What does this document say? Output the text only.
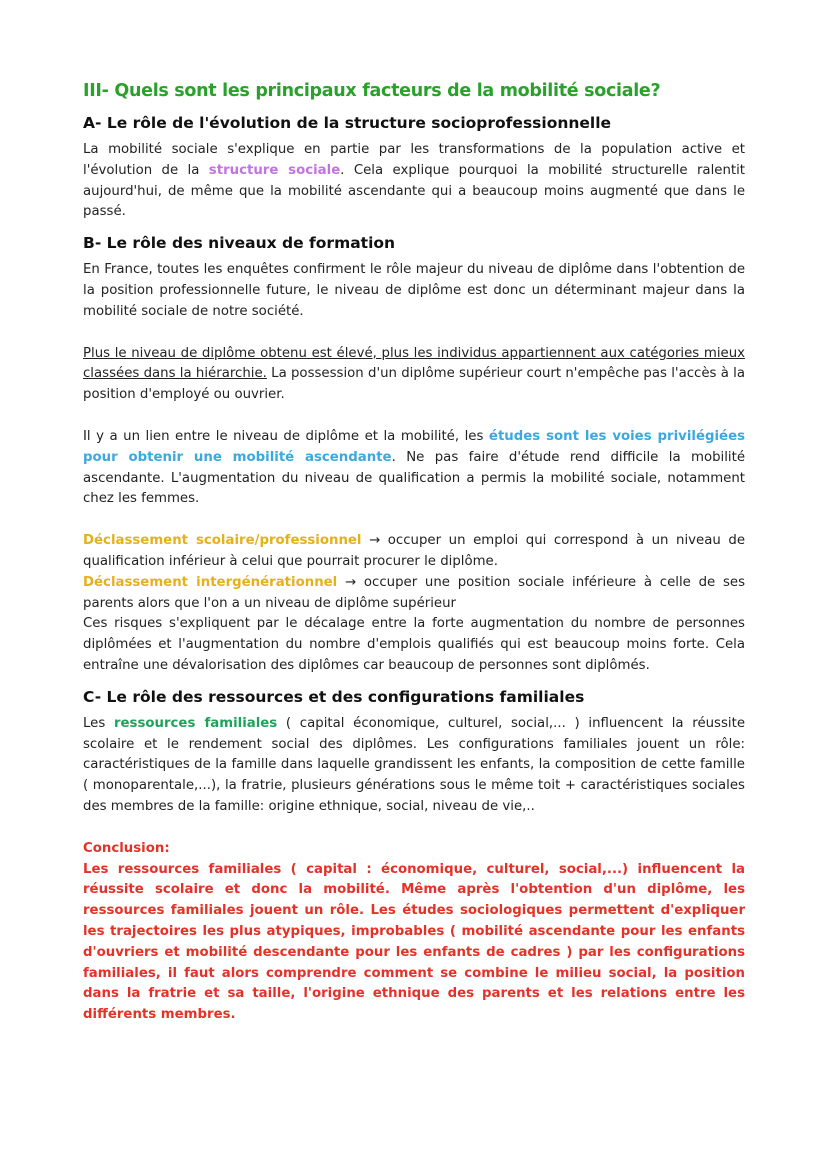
III- Quels sont les principaux facteurs de la mobilité sociale?
A- Le rôle de l'évolution de la structure socioprofessionnelle

La mobilité sociale s'explique en partie par les transformations de la population active et l'évolution de la structure sociale. Cela explique pourquoi la mobilité structurelle ralentit aujourd'hui, de même que la mobilité ascendante qui a beaucoup moins augmenté que dans le passé.

B- Le rôle des niveaux de formation

En France, toutes les enquêtes confirment le rôle majeur du niveau de diplôme dans l'obtention de la position professionnelle future, le niveau de diplôme est donc un déterminant majeur dans la mobilité sociale de notre société.

Plus le niveau de diplôme obtenu est élevé, plus les individus appartiennent aux catégories mieux classées dans la hiérarchie. La possession d'un diplôme supérieur court n'empêche pas l'accès à la position d'employé ou ouvrier.

Il y a un lien entre le niveau de diplôme et la mobilité, les études sont les voies privilégiées pour obtenir une mobilité ascendante. Ne pas faire d'étude rend difficile la mobilité ascendante. L'augmentation du niveau de qualification a permis la mobilité sociale, notamment chez les femmes.

Déclassement scolaire/professionnel → occuper un emploi qui correspond à un niveau de qualification inférieur à celui que pourrait procurer le diplôme.

Déclassement intergénérationnel → occuper une position sociale inférieure à celle de ses parents alors que l'on a un niveau de diplôme supérieur

Ces risques s'expliquent par le décalage entre la forte augmentation du nombre de personnes diplômées et l'augmentation du nombre d'emplois qualifiés qui est beaucoup moins forte. Cela entraîne une dévalorisation des diplômes car beaucoup de personnes sont diplômés.

C- Le rôle des ressources et des configurations familiales

Les ressources familiales ( capital économique, culturel, social,... ) influencent la réussite scolaire et le rendement social des diplômes. Les configurations familiales jouent un rôle: caractéristiques de la famille dans laquelle grandissent les enfants, la composition de cette famille ( monoparentale,...), la fratrie, plusieurs générations sous le même toit + caractéristiques sociales des membres de la famille: origine ethnique, social, niveau de vie,..

Conclusion:

Les ressources familiales ( capital : économique, culturel, social,...) influencent la réussite scolaire et donc la mobilité. Même après l'obtention d'un diplôme, les ressources familiales jouent un rôle. Les études sociologiques permettent d'expliquer les trajectoires les plus atypiques, improbables ( mobilité ascendante pour les enfants d'ouvriers et mobilité descendante pour les enfants de cadres ) par les configurations familiales, il faut alors comprendre comment se combine le milieu social, la position dans la fratrie et sa taille, l'origine ethnique des parents et les relations entre les différents membres.
